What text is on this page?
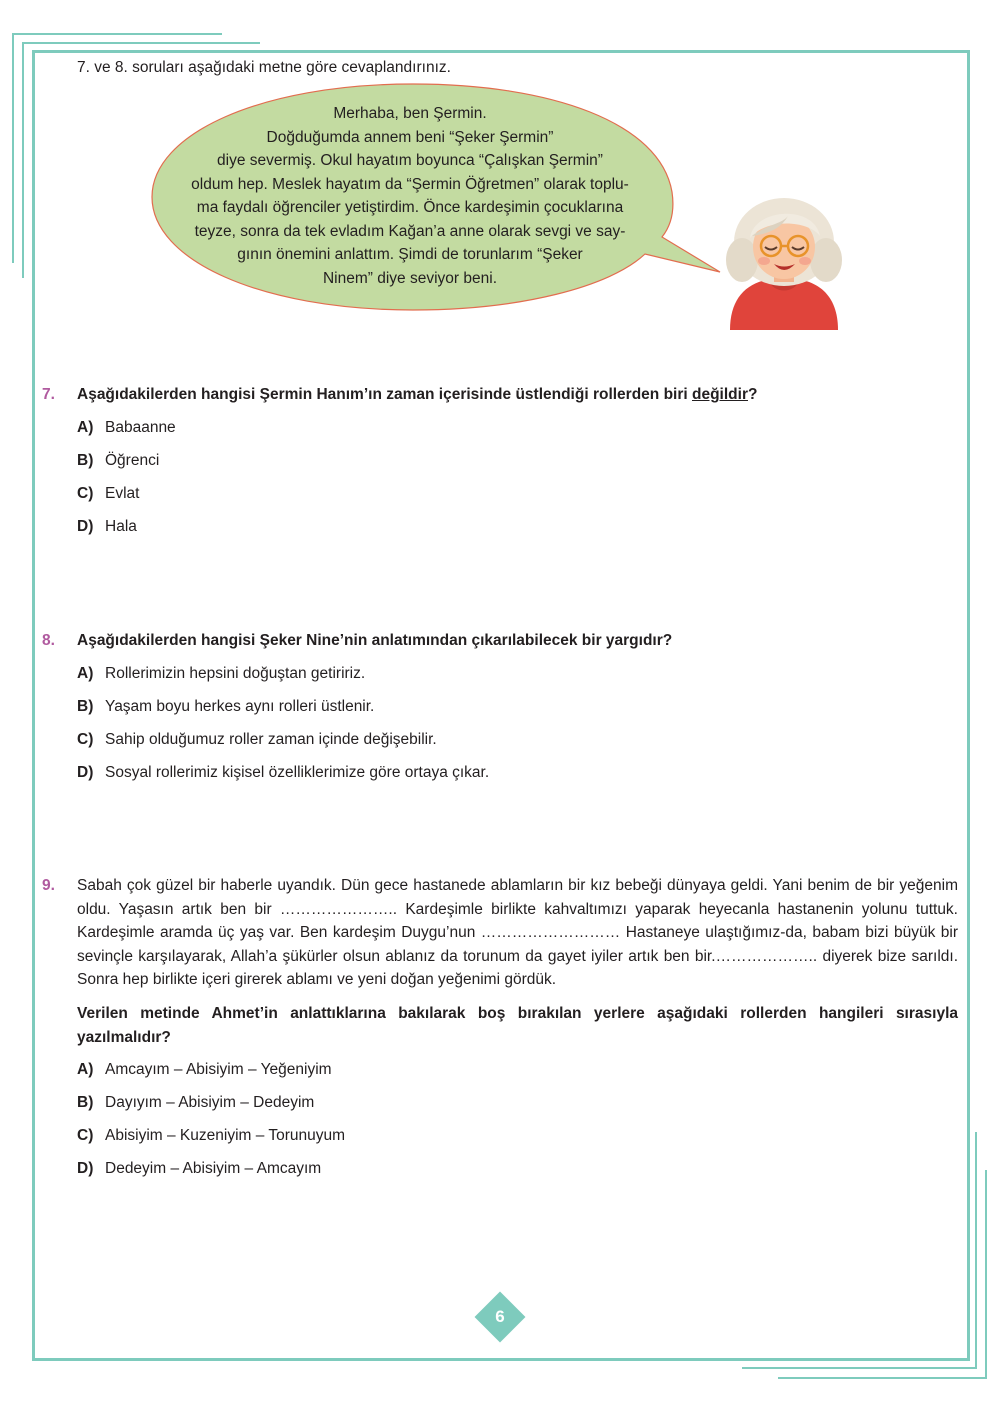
7. ve 8. soruları aşağıdaki metne göre cevaplandırınız.
Merhaba, ben Şermin.
Doğduğumda annem beni “Şeker Şermin”
diye severmiş. Okul hayatım boyunca “Çalışkan Şermin”
oldum hep. Meslek hayatım da “Şermin Öğretmen” olarak toplu-
ma faydalı öğrenciler yetiştirdim. Önce kardeşimin çocuklarına
teyze, sonra da tek evladım Kağan’a anne olarak sevgi ve say-
gının önemini anlattım. Şimdi de torunlarım “Şeker
Ninem” diye seviyor beni.
7. Aşağıdakilerden hangisi Şermin Hanım’ın zaman içerisinde üstlendiği rollerden biri değildir?
A) Babaanne
B) Öğrenci
C) Evlat
D) Hala
8. Aşağıdakilerden hangisi Şeker Nine’nin anlatımından çıkarılabilecek bir yargıdır?
A) Rollerimizin hepsini doğuştan getiririz.
B) Yaşam boyu herkes aynı rolleri üstlenir.
C) Sahip olduğumuz roller zaman içinde değişebilir.
D) Sosyal rollerimiz kişisel özelliklerimize göre ortaya çıkar.
9. Sabah çok güzel bir haberle uyandık. Dün gece hastanede ablamların bir kız bebeği dünyaya geldi. Yani benim de bir yeğenim oldu. Yaşasın artık ben bir ………………….. Kardeşimle birlikte kahvaltımızı yaparak heyecanla hastanenin yolunu tuttuk. Kardeşimle aramda üç yaş var. Ben kardeşim Duygu’nun ……………………… Hastaneye ulaştığımız-da, babam bizi büyük bir sevinçle karşılayarak, Allah’a şükürler olsun ablanız da torunum da gayet iyiler artık ben bir.……………….. diyerek bize sarıldı. Sonra hep birlikte içeri girerek ablamı ve yeni doğan yeğenimi gördük.
Verilen metinde Ahmet’in anlattıklarına bakılarak boş bırakılan yerlere aşağıdaki rollerden hangileri sırasıyla yazılmalıdır?
A) Amcayım – Abisiyim – Yeğeniyim
B) Dayıyım – Abisiyim – Dedeyim
C) Abisiyim – Kuzeniyim – Torunuyum
D) Dedeyim – Abisiyim – Amcayım
6
